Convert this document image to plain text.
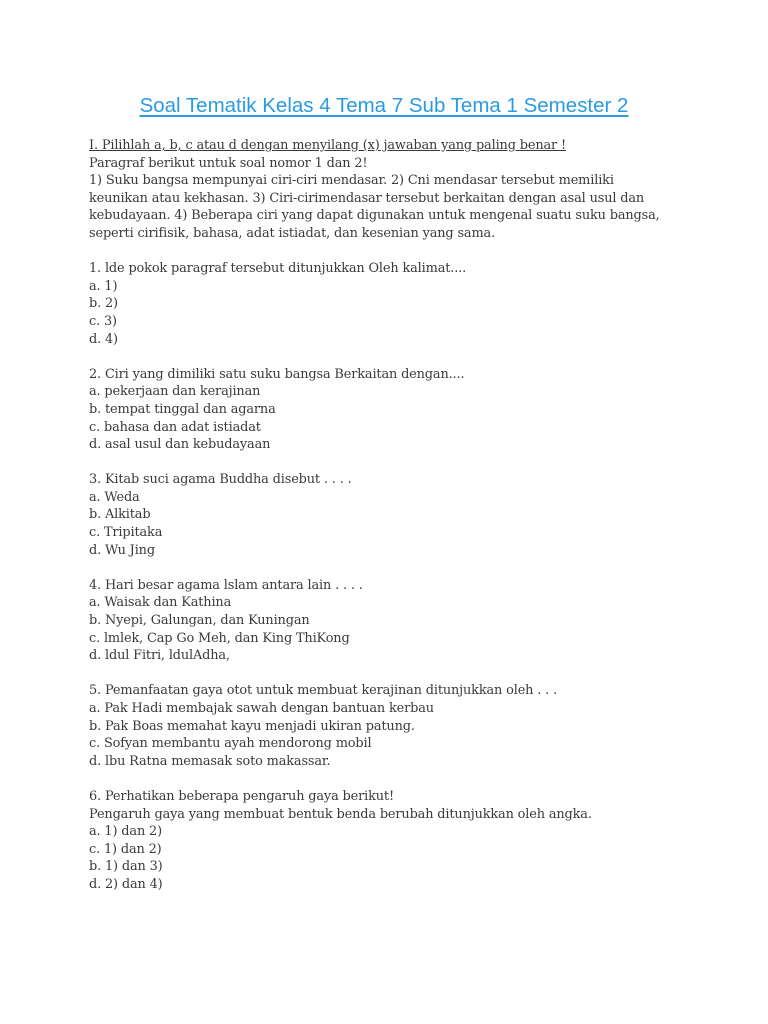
Soal Tematik Kelas 4 Tema 7 Sub Tema 1 Semester 2
I. Pilihlah a, b, c atau d dengan menyilang (x) jawaban yang paling benar !
Paragraf berikut untuk soal nomor 1 dan 2!
1) Suku bangsa mempunyai ciri-ciri mendasar. 2) Cni mendasar tersebut memiliki
keunikan atau kekhasan. 3) Ciri-cirimendasar tersebut berkaitan dengan asal usul dan
kebudayaan. 4) Beberapa ciri yang dapat digunakan untuk mengenal suatu suku bangsa,
seperti cirifisik, bahasa, adat istiadat, dan kesenian yang sama.
1. lde pokok paragraf tersebut ditunjukkan Oleh kalimat....
a. 1)
b. 2)
c. 3)
d. 4)
2. Ciri yang dimiliki satu suku bangsa Berkaitan dengan....
a. pekerjaan dan kerajinan
b. tempat tinggal dan agarna
c. bahasa dan adat istiadat
d. asal usul dan kebudayaan
3. Kitab suci agama Buddha disebut . . . .
a. Weda
b. Alkitab
c. Tripitaka
d. Wu Jing
4. Hari besar agama lslam antara lain . . . .
a. Waisak dan Kathina
b. Nyepi, Galungan, dan Kuningan
c. lmlek, Cap Go Meh, dan King ThiKong
d. ldul Fitri, ldulAdha,
5. Pemanfaatan gaya otot untuk membuat kerajinan ditunjukkan oleh . . .
a. Pak Hadi membajak sawah dengan bantuan kerbau
b. Pak Boas memahat kayu menjadi ukiran patung.
c. Sofyan membantu ayah mendorong mobil
d. lbu Ratna memasak soto makassar.
6. Perhatikan beberapa pengaruh gaya berikut!
Pengaruh gaya yang membuat bentuk benda berubah ditunjukkan oleh angka.
a. 1) dan 2)
c. 1) dan 2)
b. 1) dan 3)
d. 2) dan 4)
